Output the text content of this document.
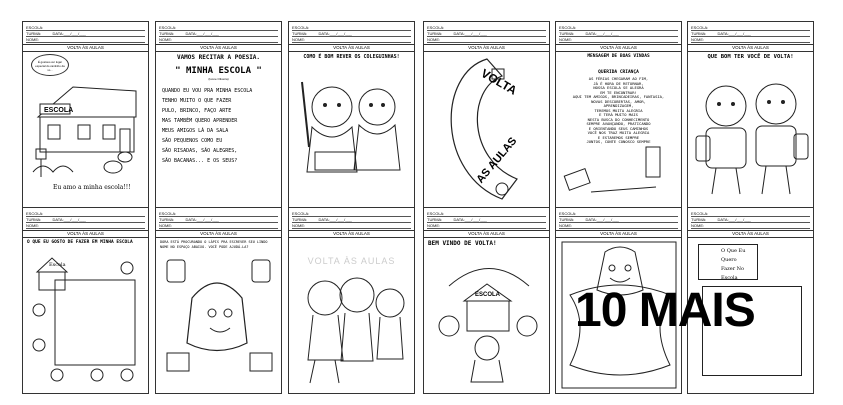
ESCOLA:
TURMA:	DATA:___/___/___
NOME:
VOLTA ÀS AULAS
É gostoso ver lugar especial do cantinho da vo...
ESCOLA
Eu amo a minha escola!!!
ESCOLA:
TURMA:	DATA:___/___/___
NOME:
VOLTA ÀS AULAS
VAMOS RECITAR A POESIA.
" MINHA ESCOLA "
(Ivone Oliveira)
QUANDO EU VOU PRA MINHA ESCOLA
TENHO MUITO O QUE FAZER
PULO, BRINCO, FAÇO ARTE
MAS TAMBÉM QUERO APRENDER
MEUS AMIGOS LÁ DA SALA
SÃO PEQUENOS COMO EU
SÃO RISADAS, SÃO ALEGRES,
SÃO BACANAS... E OS SEUS?
ESCOLA:
TURMA:	DATA:___/___/___
NOME:
VOLTA ÀS AULAS
COMO É BOM REVER OS COLEGUINHAS!
ESCOLA:
TURMA:	DATA:___/___/___
NOME:
VOLTA ÀS AULAS
VOLTA
AS AULAS
ESCOLA:
TURMA:	DATA:___/___/___
NOME:
VOLTA ÀS AULAS
MENSAGEM DE BOAS VINDAS
QUERIDA CRIANÇA
AS FÉRIAS CHEGARAM AO FIM,
JÁ É HORA DE RETORNAR,
NOSSA ESCOLA SE ALEGRA
EM TE ENCONTRAR!
AQUI TEM AMIGOS, BRINCADEIRAS, FANTASIA,
NOVAS DESCOBERTAS, AMOR,
APRENDIZAGEM,
TEREMOS MUITA ALEGRIA
E TERÁ MUITO MAIS
NESTA BUSCA DO CONHECIMENTO
SEMPRE AVANÇANDO, PRATICANDO
E ORIENTANDO SEUS CAMINHOS
VOCÊ NOS TRAZ MUITA ALEGRIA
E ESTAREMOS SEMPRE
JUNTOS, CONTE CONOSCO SEMPRE
ESCOLA:
TURMA:	DATA:___/___/___
NOME:
VOLTA ÀS AULAS
QUE BOM TER VOCÊ DE VOLTA!
ESCOLA:
TURMA:	DATA:___/___/___
NOME:
VOLTA ÀS AULAS
O QUE EU GOSTO DE FAZER EM MINHA ESCOLA
Escola
ESCOLA:
TURMA:	DATA:___/___/___
NOME:
VOLTA ÀS AULAS
DORA ESTÁ PROCURANDO O LÁPIS PRA ESCREVER SEU LINDO NOME NO ESPAÇO ABAIXO. VOCÊ PODE AJUDÁ-LA?
ESCOLA:
TURMA:	DATA:___/___/___
NOME:
VOLTA ÀS AULAS
VOLTA ÀS AULAS
ESCOLA:
TURMA:	DATA:___/___/___
NOME:
VOLTA ÀS AULAS
BEM VINDO DE VOLTA!
ESCOLA
ESCOLA:
TURMA:	DATA:___/___/___
NOME:
VOLTA ÀS AULAS
ESCOLA:
TURMA:	DATA:___/___/___
NOME:
VOLTA ÀS AULAS
O Que Eu Quero
Fazer No
Escola
10 MAIS
